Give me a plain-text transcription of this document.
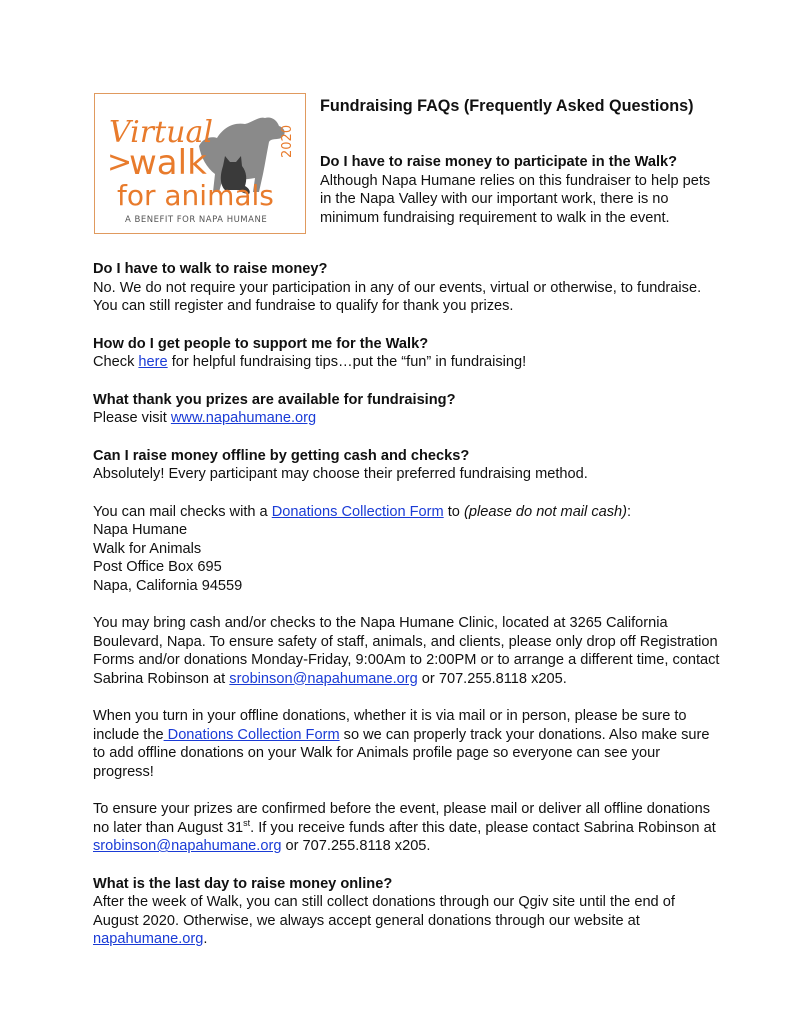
Virtual
>
walk
for animals
2020
A BENEFIT FOR NAPA HUMANE
Fundraising FAQs (Frequently Asked Questions)

Do I have to raise money to participate in the Walk?

Although Napa Humane relies on this fundraiser to help pets in the Napa Valley with our important work, there is no minimum fundraising requirement to walk in the event.

Do I have to walk to raise money?

No. We do not require your participation in any of our events, virtual or otherwise, to fundraise. You can still register and fundraise to qualify for thank you prizes.

How do I get people to support me for the Walk?

Check here for helpful fundraising tips…put the “fun” in fundraising!

What thank you prizes are available for fundraising?

Please visit www.napahumane.org

Can I raise money offline by getting cash and checks?

Absolutely! Every participant may choose their preferred fundraising method.

You can mail checks with a Donations Collection Form to (please do not mail cash):

Napa Humane

Walk for Animals

Post Office Box 695

Napa, California 94559

You may bring cash and/or checks to the Napa Humane Clinic, located at 3265 California Boulevard, Napa. To ensure safety of staff, animals, and clients, please only drop off Registration Forms and/or donations Monday-Friday, 9:00Am to 2:00PM or to arrange a different time, contact Sabrina Robinson at srobinson@napahumane.org or 707.255.8118 x205.

When you turn in your offline donations, whether it is via mail or in person, please be sure to include the Donations Collection Form so we can properly track your donations. Also make sure to add offline donations on your Walk for Animals profile page so everyone can see your progress!

To ensure your prizes are confirmed before the event, please mail or deliver all offline donations no later than August 31st. If you receive funds after this date, please contact Sabrina Robinson at srobinson@napahumane.org or 707.255.8118 x205.

What is the last day to raise money online?

After the week of Walk, you can still collect donations through our Qgiv site until the end of August 2020. Otherwise, we always accept general donations through our website at napahumane.org.
